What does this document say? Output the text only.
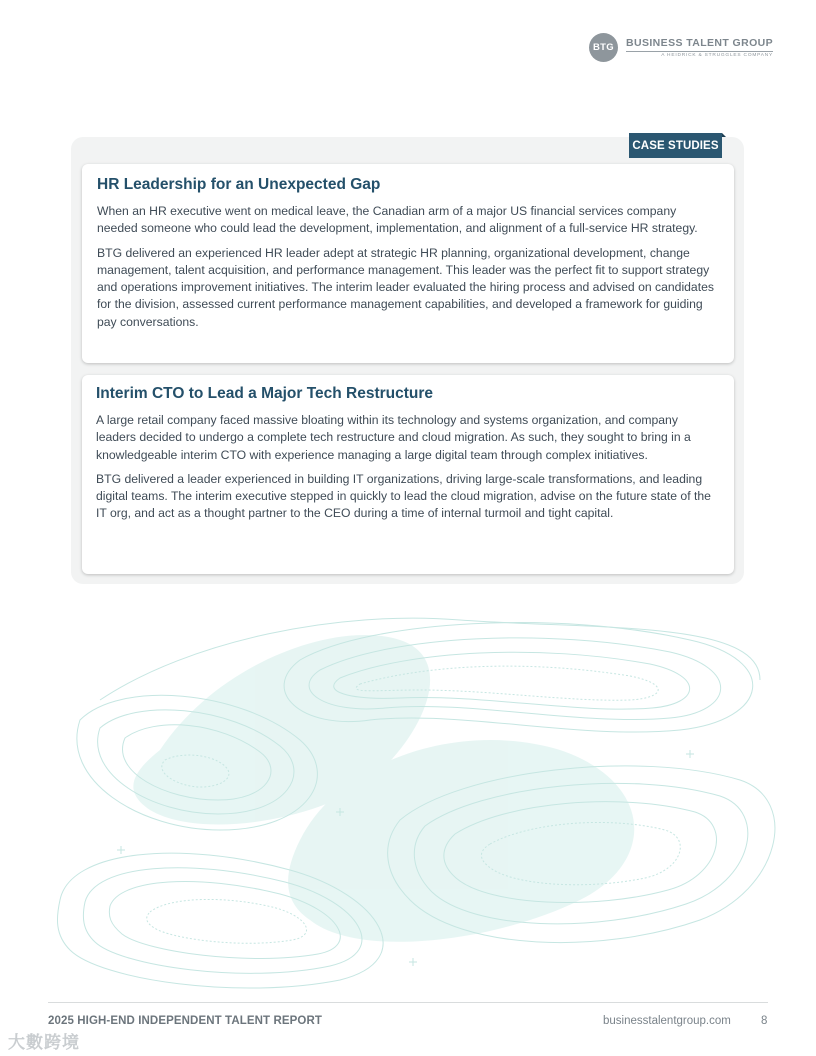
BTG	BUSINESS TALENT GROUP
A HEIDRICK & STRUGGLES COMPANY
CASE STUDIES
HR Leadership for an Unexpected Gap

When an HR executive went on medical leave, the Canadian arm of a major US financial services company needed someone who could lead the development, implementation, and alignment of a full-service HR strategy.

BTG delivered an experienced HR leader adept at strategic HR planning, organizational development, change management, talent acquisition, and performance management. This leader was the perfect fit to support strategy and operations improvement initiatives. The interim leader evaluated the hiring process and advised on candidates for the division, assessed current performance management capabilities, and developed a framework for guiding pay conversations.

Interim CTO to Lead a Major Tech Restructure

A large retail company faced massive bloating within its technology and systems organization, and company leaders decided to undergo a complete tech restructure and cloud migration. As such, they sought to bring in a knowledgeable interim CTO with experience managing a large digital team through complex initiatives.

BTG delivered a leader experienced in building IT organizations, driving large-scale transformations, and leading digital teams. The interim executive stepped in quickly to lead the cloud migration, advise on the future state of the IT org, and act as a thought partner to the CEO during a time of internal turmoil and tight capital.

2025 HIGH-END INDEPENDENT TALENT REPORT	businesstalentgroup.com	8
大數跨境
